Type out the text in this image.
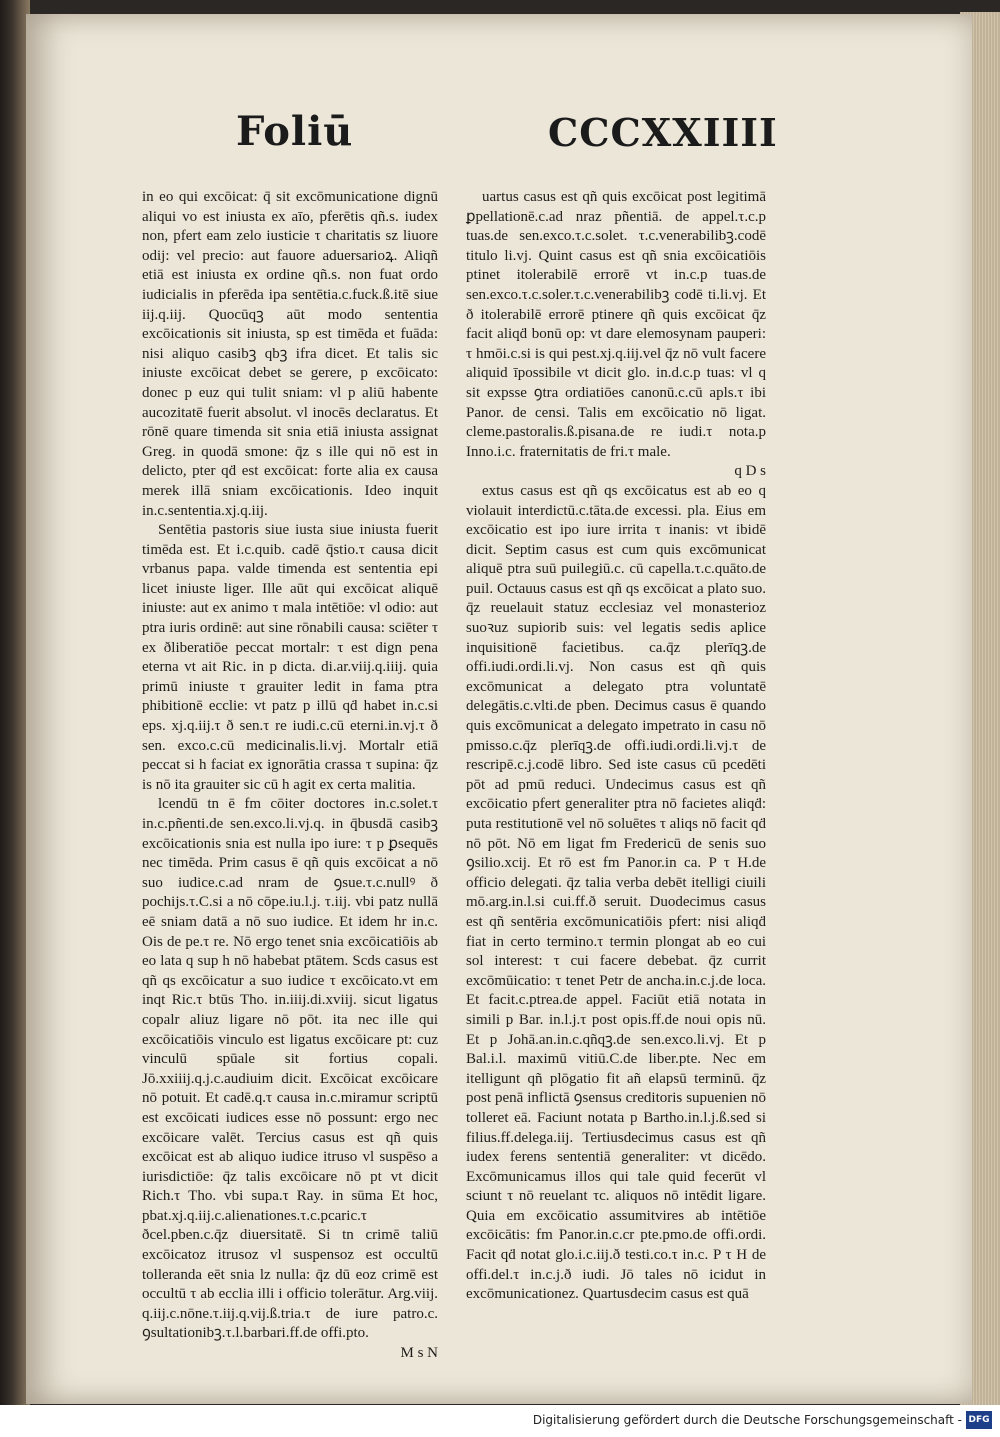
Foliū	CCCXXIIII

in eo qui excōicat: q̄ sit excōmunicatione dignū aliqui vo est iniusta ex aīo, pferētis qñ.s. iudex non, pfert eam zelo iusticie τ charitatis sz liuore odij: vel precio: aut fauore aduersarioꝝ. Aliqñ etiā est iniusta ex ordine qñ.s. non fuat ordo iudicialis in pferēda ipa sentētia.c.fuck.ß.itē siue iij.q.iij. Quocūqꝫ aūt modo sententia excōicationis sit iniusta, sp est timēda et fuāda: nisi aliquo casibꝫ qbꝫ ifra dicet. Et talis sic iniuste excōicat debet se gerere, p excōicato: donec p euz qui tulit sniam: vl p aliū habente aucozitatē fuerit absolut. vl inocēs declaratus. Et rōnē quare timenda sit snia etiā iniusta assignat Greg. in quodā smone: q̄z s ille qui nō est in delicto, pter qḋ est excōicat: forte alia ex causa merek illā sniam excōicationis. Ideo inquit in.c.sententia.xj.q.iij.

Sentētia pastoris siue iusta siue iniusta fuerit timēda est. Et i.c.quib. cadē q̄stio.τ causa dicit vrbanus papa. valde timenda est sententia epi licet iniuste liger. Ille aūt qui excōicat aliquē iniuste: aut ex animo τ mala intētiōe: vl odio: aut ptra iuris ordinē: aut sine rōnabili causa: sciēter τ ex ðliberatiōe peccat mortalr: τ est dign pena eterna vt ait Ric. in p dicta. di.ar.viij.q.iiij. quia primū iniuste τ grauiter ledit in fama ptra phibitionē ecclie: vt patz p illū qḋ habet in.c.si eps. xj.q.iij.τ ð sen.τ re iudi.c.cū eterni.in.vj.τ ð sen. exco.c.cū medicinalis.li.vj. Mortalr etiā peccat si h faciat ex ignorātia crassa τ supina: q̄z is nō ita grauiter sic cū h agit ex certa malitia.

lcendū tn ē fm cōiter doctores in.c.solet.τ in.c.pñenti.de sen.exco.li.vj.q. in q̄busdā casibꝫ excōicationis snia est nulla ipo iure: τ p ꝑsequēs nec timēda. Prim casus ē qñ quis excōicat a nō suo iudice.c.ad nram de ꝯsue.τ.c.nullꝰ ð pochijs.τ.C.si a nō cōpe.iu.l.j. τ.iij. vbi patz nullā eē sniam datā a nō suo iudice. Et idem hr in.c. Ois de pe.τ re. Nō ergo tenet snia excōicatiōis ab eo lata q sup h nō habebat ptātem. Scds casus est qñ qs excōicatur a suo iudice τ excōicato.vt em inqt Ric.τ btūs Tho. in.iiij.di.xviij. sicut ligatus copalr aliuz ligare nō pōt. ita nec ille qui excōicatiōis vinculo est ligatus excōicare pt: cuz vinculū spūale sit fortius copali. Jō.xxiiij.q.j.c.audiuim dicit. Excōicat excōicare nō potuit. Et cadē.q.τ causa in.c.miramur scriptū est excōicati iudices esse nō possunt: ergo nec excōicare valēt. Tercius casus est qñ quis excōicat est ab aliquo iudice itruso vl suspēso a iurisdictiōe: q̄z talis excōicare nō pt vt dicit Rich.τ Tho. vbi supa.τ Ray. in sūma Et hoc, pbat.xj.q.iij.c.alienationes.τ.c.pcaric.τ ðcel.pben.c.q̄z diuersitatē. Si tn crimē taliū excōicatoz itrusoz vl suspensoz est occultū tolleranda eēt snia lz nulla: q̄z dū eoz crimē est occultū τ ab ecclia illi i officio tolerātur. Arg.viij. q.iij.c.nōne.τ.iij.q.vij.ß.tria.τ de iure patro.c. ꝯsultationibꝫ.τ.l.barbari.ff.de offi.pto.

M s N

uartus casus est qñ quis excōicat post legitimā ꝑpellationē.c.ad nraz pñentiā. de appel.τ.c.p tuas.de sen.exco.τ.c.solet. τ.c.venerabilibꝫ.codē titulo li.vj. Quint casus est qñ snia excōicatiōis ptinet itolerabilē errorē vt in.c.p tuas.de sen.exco.τ.c.soler.τ.c.venerabilibꝫ codē ti.li.vj. Et ð itolerabilē errorē ptinere qñ quis excōicat q̄z facit aliqḋ bonū op: vt dare elemosynam pauperi: τ hmōi.c.si is qui pest.xj.q.iij.vel q̄z nō vult facere aliquid īpossibile vt dicit glo. in.d.c.p tuas: vl q sit expsse ꝯtra ordiatiōes canonū.c.cū apls.τ ibi Panor. de censi. Talis em excōicatio nō ligat. cleme.pastoralis.ß.pisana.de re iudi.τ nota.p Inno.i.c. fraternitatis de fri.τ male.

q D s

extus casus est qñ qs excōicatus est ab eo q violauit interdictū.c.tāta.de excessi. pla. Eius em excōicatio est ipo iure irrita τ inanis: vt ibidē dicit. Septim casus est cum quis excōmunicat aliquē ptra suū puilegiū.c. cū capella.τ.c.quāto.de puil. Octauus casus est qñ qs excōicat a plato suo. q̄z reuelauit statuz ecclesiaz vel monasterioz suoꝛuz supiorib suis: vel legatis sedis aplice inquisitionē facietibus. ca.q̄z plerīqꝫ.de offi.iudi.ordi.li.vj. Non casus est qñ quis excōmunicat a delegato ptra voluntatē delegātis.c.vlti.de pben. Decimus casus ē quando quis excōmunicat a delegato impetrato in casu nō pmisso.c.q̄z plerīqꝫ.de offi.iudi.ordi.li.vj.τ de rescripē.c.j.codē libro. Sed iste casus cū pcedēti pōt ad pmū reduci. Undecimus casus est qñ excōicatio pfert generaliter ptra nō facietes aliqḋ: puta restitutionē vel nō soluētes τ aliqs nō facit qḋ nō pōt. Nō em ligat fm Fredericū de senis suo ꝯsilio.xcij. Et rō est fm Panor.in ca. P τ H.de officio delegati. q̄z talia verba debēt itelligi ciuili mō.arg.in.l.si cui.ff.ð seruit. Duodecimus casus est qñ sentēria excōmunicatiōis pfert: nisi aliqḋ fiat in certo termino.τ termin plongat ab eo cui sol interest: τ cui facere debebat. q̄z currit excōmūicatio: τ tenet Petr de ancha.in.c.j.de loca. Et facit.c.ptrea.de appel. Faciūt etiā notata in simili p Bar. in.l.j.τ post opis.ff.de noui opis nū. Et p Johā.an.in.c.qñqꝫ.de sen.exco.li.vj. Et p Bal.i.l. maximū vitiū.C.de liber.pte. Nec em itelligunt qñ plōgatio fit añ elapsū terminū. q̄z post penā inflictā ꝯsensus creditoris supuenien nō tolleret eā. Faciunt notata p Bartho.in.l.j.ß.sed si filius.ff.delega.iij. Tertiusdecimus casus est qñ iudex ferens sententiā generaliter: vt dicēdo. Excōmunicamus illos qui tale quid fecerūt vl sciunt τ nō reuelant τc. aliquos nō intēdit ligare. Quia em excōicatio assumitvires ab intētiōe excōicātis: fm Panor.in.c.cr pte.pmo.de offi.ordi. Facit qḋ notat glo.i.c.iij.ð testi.co.τ in.c. P τ H de offi.del.τ in.c.j.ð iudi. Jō tales nō icidut in excōmunicationez. Quartusdecim casus est quā

Digitalisierung gefördert durch die Deutsche Forschungsgemeinschaft - DFG
